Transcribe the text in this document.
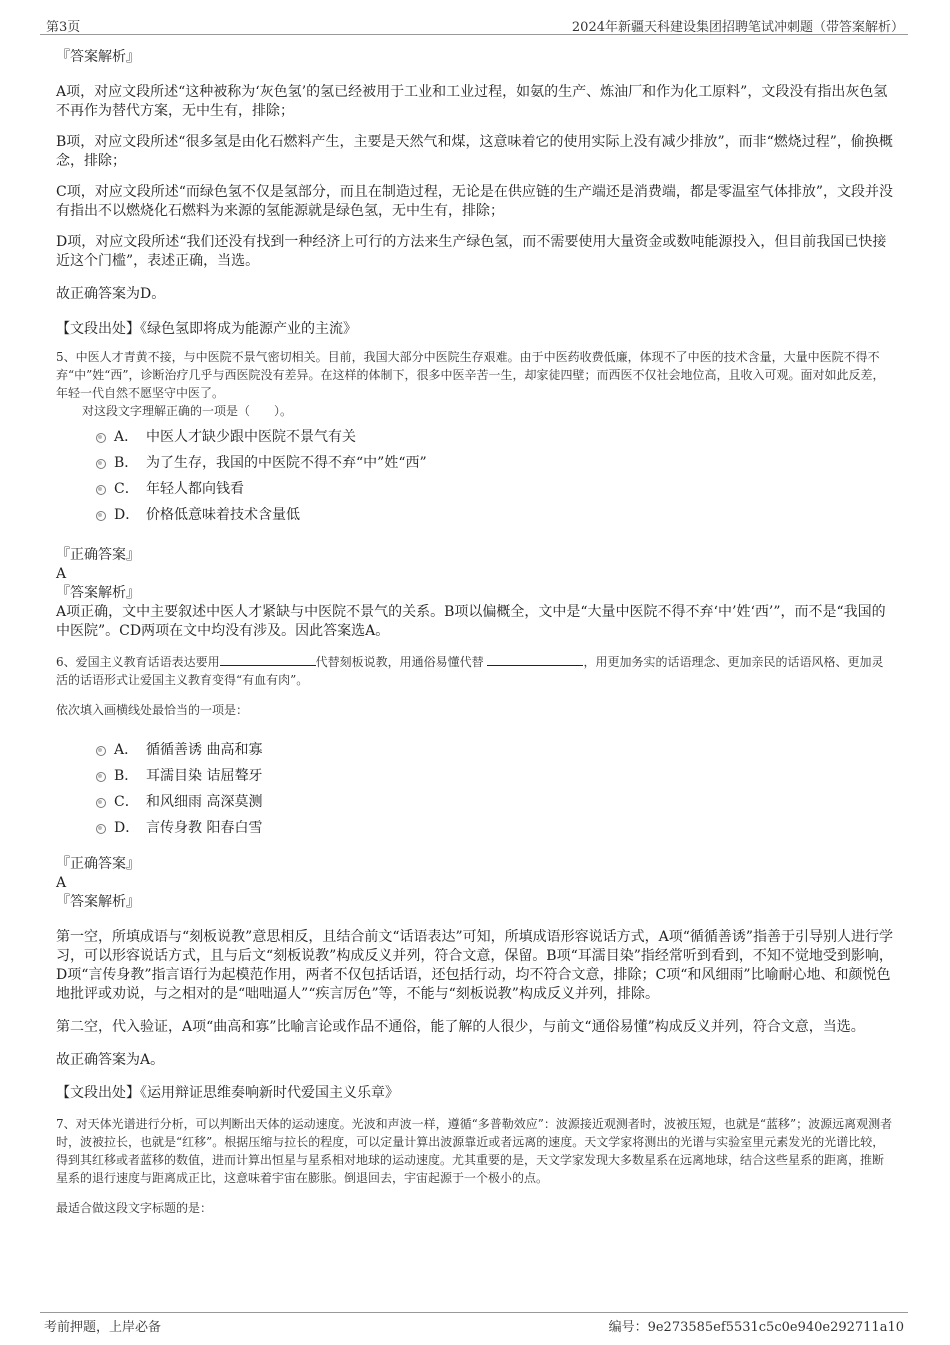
第3页	2024年新疆天科建设集团招聘笔试冲刺题（带答案解析）

『答案解析』

A项，对应文段所述“这种被称为‘灰色氢’的氢已经被用于工业和工业过程，如氨的生产、炼油厂和作为化工原料”，文段没有指出灰色氢不再作为替代方案，无中生有，排除；

B项，对应文段所述“很多氢是由化石燃料产生，主要是天然气和煤，这意味着它的使用实际上没有减少排放”，而非“燃烧过程”，偷换概念，排除；

C项，对应文段所述“而绿色氢不仅是氢部分，而且在制造过程，无论是在供应链的生产端还是消费端，都是零温室气体排放”，文段并没有指出不以燃烧化石燃料为来源的氢能源就是绿色氢，无中生有，排除；

D项，对应文段所述“我们还没有找到一种经济上可行的方法来生产绿色氢，而不需要使用大量资金或数吨能源投入，但目前我国已快接近这个门槛”，表述正确，当选。

故正确答案为D。

【文段出处】《绿色氢即将成为能源产业的主流》

5、中医人才青黄不接，与中医院不景气密切相关。目前，我国大部分中医院生存艰难。由于中医药收费低廉，体现不了中医的技术含量，大量中医院不得不弃“中”姓“西”，诊断治疗几乎与西医院没有差异。在这样的体制下，很多中医辛苦一生，却家徒四壁；而西医不仅社会地位高，且收入可观。面对如此反差，年轻一代自然不愿坚守中医了。

对这段文字理解正确的一项是（　　）。

A． 中医人才缺少跟中医院不景气有关
B． 为了生存，我国的中医院不得不弃“中”姓“西”
C． 年轻人都向钱看
D． 价格低意味着技术含量低

『正确答案』

A

『答案解析』

A项正确，文中主要叙述中医人才紧缺与中医院不景气的关系。B项以偏概全，文中是“大量中医院不得不弃‘中’姓‘西’”，而不是“我国的中医院”。CD两项在文中均没有涉及。因此答案选A。

6、爱国主义教育话语表达要用	代替刻板说教，用通俗易懂代替	，用更加务实的话语理念、更加亲民的话语风格、更加灵活的话语形式让爱国主义教育变得“有血有肉”。

依次填入画横线处最恰当的一项是：

A． 循循善诱 曲高和寡
B． 耳濡目染 诘屈聱牙
C． 和风细雨 高深莫测
D． 言传身教 阳春白雪

『正确答案』

A

『答案解析』

第一空，所填成语与“刻板说教”意思相反，且结合前文“话语表达”可知，所填成语形容说话方式，A项“循循善诱”指善于引导别人进行学习，可以形容说话方式，且与后文“刻板说教”构成反义并列，符合文意，保留。B项“耳濡目染”指经常听到看到，不知不觉地受到影响，D项“言传身教”指言语行为起模范作用，两者不仅包括话语，还包括行动，均不符合文意，排除；C项“和风细雨”比喻耐心地、和颜悦色地批评或劝说，与之相对的是“咄咄逼人”“疾言厉色”等，不能与“刻板说教”构成反义并列，排除。

第二空，代入验证，A项“曲高和寡”比喻言论或作品不通俗，能了解的人很少，与前文“通俗易懂”构成反义并列，符合文意，当选。

故正确答案为A。

【文段出处】《运用辩证思维奏响新时代爱国主义乐章》

7、对天体光谱进行分析，可以判断出天体的运动速度。光波和声波一样，遵循“多普勒效应”：波源接近观测者时，波被压短，也就是“蓝移”；波源远离观测者时，波被拉长，也就是“红移”。根据压缩与拉长的程度，可以定量计算出波源靠近或者远离的速度。天文学家将测出的光谱与实验室里元素发光的光谱比较，得到其红移或者蓝移的数值，进而计算出恒星与星系相对地球的运动速度。尤其重要的是，天文学家发现大多数星系在远离地球，结合这些星系的距离，推断星系的退行速度与距离成正比，这意味着宇宙在膨胀。倒退回去，宇宙起源于一个极小的点。

最适合做这段文字标题的是：

考前押题，上岸必备	编号：9e273585ef5531c5c0e940e292711a10
